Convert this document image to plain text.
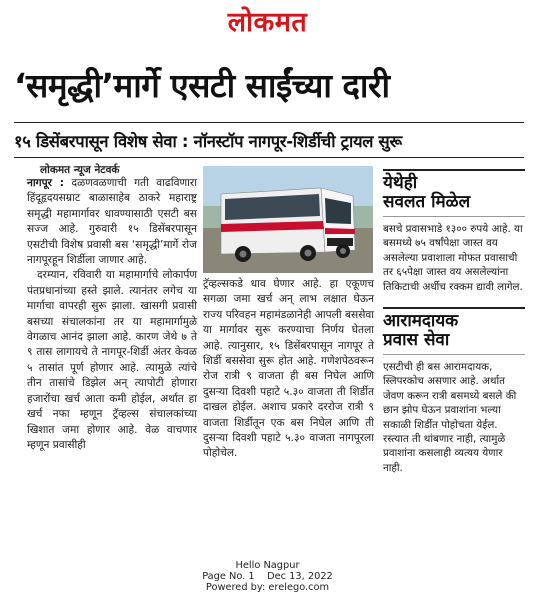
लोकमत
‘समृद्धी’मार्गे एसटी साईंच्या दारी
१५ डिसेंबरपासून विशेष सेवा : नॉनस्टॉप नागपूर-शिर्डीची ट्रायल सुरू
लोकमत न्यूज नेटवर्क

नागपूर : दळणवळणाची गती वाढविणारा हिंदूहृदयसम्राट बाळासाहेब ठाकरे महाराष्ट्र समृद्धी महामार्गावर धावण्यासाठी एसटी बस सज्ज आहे. गुरुवारी १५ डिसेंबरपासून एसटीची विशेष प्रवासी बस ‘समृद्धी’मार्गे रोज नागपूरहून शिर्डीला जाणार आहे.

दरम्यान, रविवारी या महामार्गाचे लोकार्पण पंतप्रधानांच्या हस्ते झाले. त्यानंतर लगेच या मार्गाचा वापरही सुरू झाला. खासगी प्रवासी बसच्या संचालकांना तर या महामार्गामुळे वेगळाच आनंद झाला आहे. कारण जेथे ७ ते ९ तास लागायचे ते नागपूर-शिर्डी अंतर केवळ ५ तासांत पूर्ण होणार आहे. त्यामुळे त्यांचे तीन तासांचे डिझेल अन् त्यापोटी होणारा हजारोंचा खर्च आता कमी होईल, अर्थात हा खर्च नफा म्हणून ट्रॅव्हल्स संचालकांच्या खिशात जमा होणार आहे. वेळ वाचणार म्हणून प्रवासीही

ट्रॅव्हल्सकडे धाव घेणार आहे. हा एकूणच सगळा जमा खर्च अन् लाभ लक्षात घेऊन राज्य परिवहन महामंडळानेही आपली बससेवा या मार्गावर सुरू करण्याचा निर्णय घेतला आहे. त्यानुसार, १५ डिसेंबरपासून नागपूर ते शिर्डी बससेवा सुरू होत आहे. गणेशपेठवरून रोज रात्री ९ वाजता ही बस निघेल आणि दुसऱ्या दिवशी पहाटे ५.३० वाजता ती शिर्डीत दाखल होईल. अशाच प्रकारे दररोज रात्री ९ वाजता शिर्डीतून एक बस निघेल आणि ती दुसऱ्या दिवशी पहाटे ५.३० वाजता नागपूरला पोहोचेल.
येथेही
सवलत मिळेल
बसचे प्रवासभाडे १३०० रुपये आहे. या बसमध्ये ७५ वर्षांपेक्षा जास्त वय असलेल्या प्रवाशाला मोफत प्रवासाची तर ६५पेक्षा जास्त वय असलेल्यांना तिकिटाची अर्धीच रक्कम द्यावी लागेल.
आरामदायक
प्रवास सेवा
एसटीची ही बस आरामदायक, स्लिपरकोच असणार आहे. अर्थात जेवण करून रात्री बसमध्ये बसले की छान झोप घेऊन प्रवाशांना भल्या सकाळी शिर्डीत पोहोचता येईल. रस्त्यात ती थांबणार नाही, त्यामुळे प्रवाशांना कसलाही व्यत्यय येणार नाही.
Hello Nagpur
Page No. 1    Dec 13, 2022
Powered by: erelego.com
